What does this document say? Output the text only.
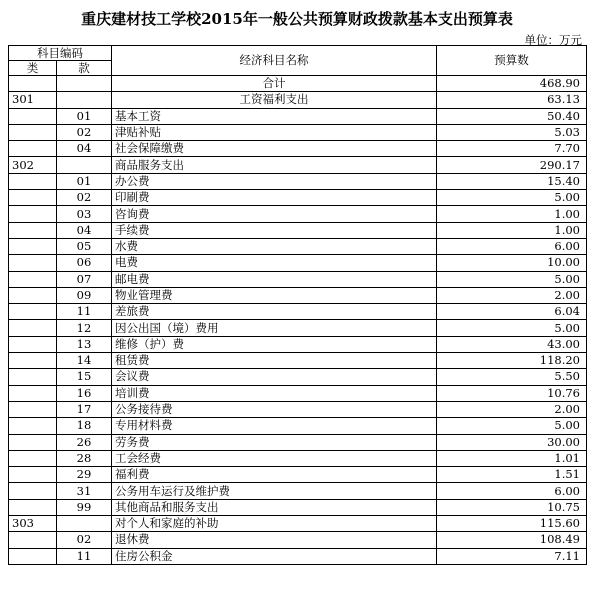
重庆建材技工学校2015年一般公共预算财政拨款基本支出预算表
单位：万元
科目编码		经济科目名称	预算数
类	款		
		合计	468.90
301		工资福利支出	63.13
	01	基本工资	50.40
	02	津贴补贴	5.03
	04	社会保障缴费	7.70
302		商品服务支出	290.17
	01	办公费	15.40
	02	印刷费	5.00
	03	咨询费	1.00
	04	手续费	1.00
	05	水费	6.00
	06	电费	10.00
	07	邮电费	5.00
	09	物业管理费	2.00
	11	差旅费	6.04
	12	因公出国（境）费用	5.00
	13	维修（护）费	43.00
	14	租赁费	118.20
	15	会议费	5.50
	16	培训费	10.76
	17	公务接待费	2.00
	18	专用材料费	5.00
	26	劳务费	30.00
	28	工会经费	1.01
	29	福利费	1.51
	31	公务用车运行及维护费	6.00
	99	其他商品和服务支出	10.75
303		对个人和家庭的补助	115.60
	02	退休费	108.49
	11	住房公积金	7.11
